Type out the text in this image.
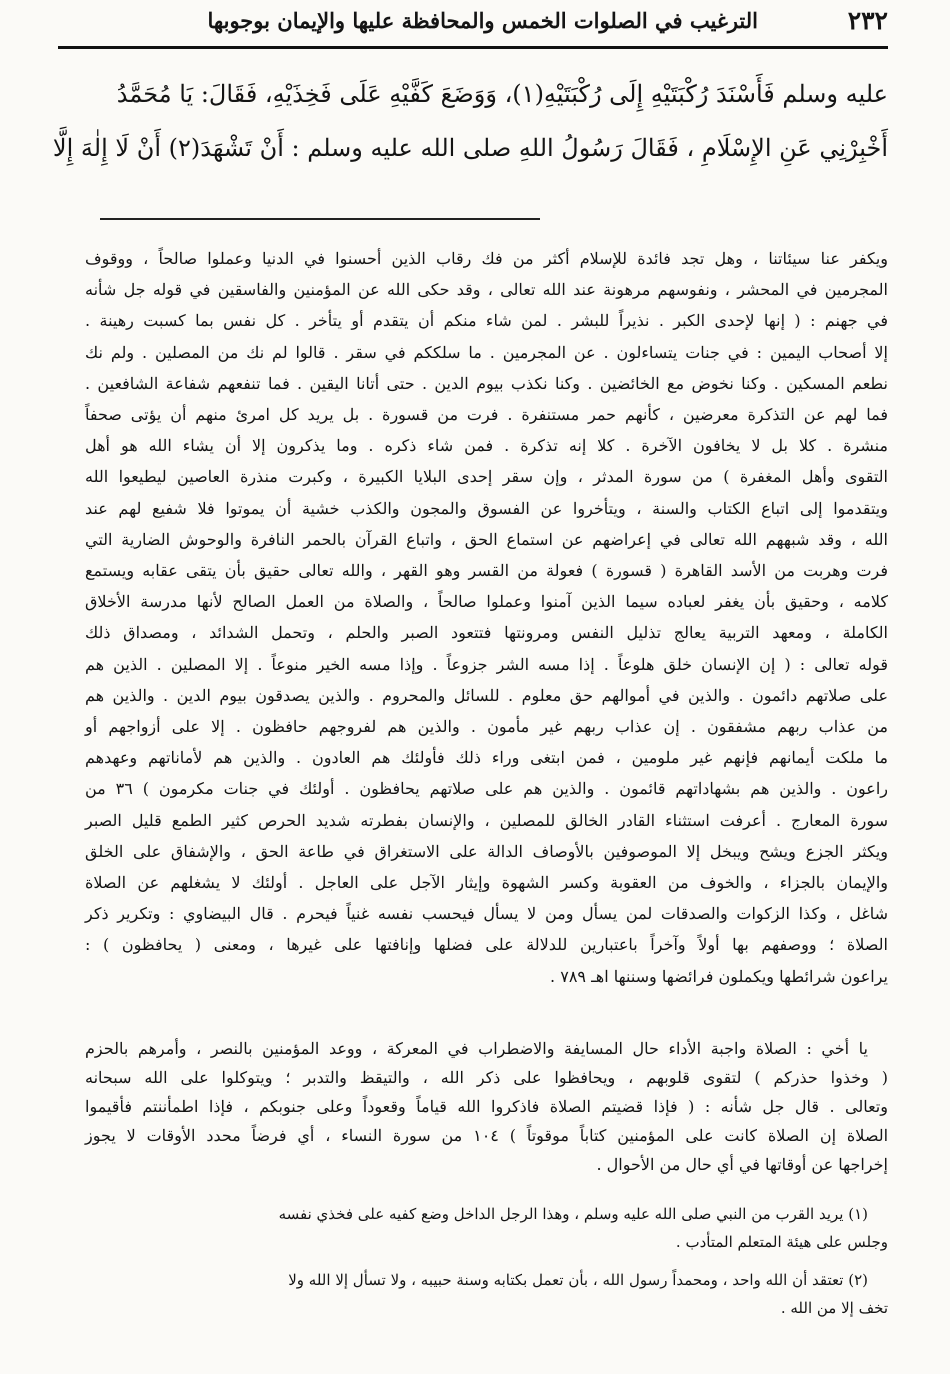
٢٣٢
الترغيب في الصلوات الخمس والمحافظة عليها والإيمان بوجوبها

عليه وسلم فَأَسْنَدَ رُكْبَتَيْهِ إِلَى رُكْبَتَيْهِ(١)، وَوَضَعَ كَفَّيْهِ عَلَى فَخِذَيْهِ، فَقَالَ: يَا مُحَمَّدُ

أَخْبِرْنِي عَنِ الإِسْلَامِ ، فَقَالَ رَسُولُ اللهِ صلى الله عليه وسلم : أَنْ تَشْهَدَ(٢) أَنْ لَا إِلٰهَ إِلَّا

ويكفر عنا سيئاتنا ، وهل تجد فائدة للإسلام أكثر من فك رقاب الذين أحسنوا في الدنيا وعملوا صالحاً ، ووقوف

المجرمين في المحشر ، ونفوسهم مرهونة عند الله تعالى ، وقد حكى الله عن المؤمنين والفاسقين في قوله جل شأنه

في جهنم : ( إنها لإحدى الكبر . نذيراً للبشر . لمن شاء منكم أن يتقدم أو يتأخر . كل نفس بما كسبت رهينة .

إلا أصحاب اليمين : في جنات يتساءلون . عن المجرمين . ما سلككم في سقر . قالوا لم نك من المصلين . ولم نك

نطعم المسكين . وكنا نخوض مع الخائضين . وكنا نكذب بيوم الدين . حتى أتانا اليقين . فما تنفعهم شفاعة الشافعين .

فما لهم عن التذكرة معرضين ، كأنهم حمر مستنفرة . فرت من قسورة . بل يريد كل امرئ منهم أن يؤتى صحفاً

منشرة . كلا بل لا يخافون الآخرة . كلا إنه تذكرة . فمن شاء ذكره . وما يذكرون إلا أن يشاء الله هو أهل

التقوى وأهل المغفرة ) من سورة المدثر ، وإن سقر إحدى البلايا الكبيرة ، وكبرت منذرة العاصين ليطيعوا الله

ويتقدموا إلى اتباع الكتاب والسنة ، ويتأخروا عن الفسوق والمجون والكذب خشية أن يموتوا فلا شفيع لهم عند

الله ، وقد شبههم الله تعالى في إعراضهم عن استماع الحق ، واتباع القرآن بالحمر النافرة والوحوش الضارية التي

فرت وهربت من الأسد القاهرة ( قسورة ) فعولة من القسر وهو القهر ، والله تعالى حقيق بأن يتقى عقابه ويستمع

كلامه ، وحقيق بأن يغفر لعباده سيما الذين آمنوا وعملوا صالحاً ، والصلاة من العمل الصالح لأنها مدرسة الأخلاق

الكاملة ، ومعهد التربية يعالج تذليل النفس ومرونتها فتتعود الصبر والحلم ، وتحمل الشدائد ، ومصداق ذلك

قوله تعالى : ( إن الإنسان خلق هلوعاً . إذا مسه الشر جزوعاً . وإذا مسه الخير منوعاً . إلا المصلين . الذين هم

على صلاتهم دائمون . والذين في أموالهم حق معلوم . للسائل والمحروم . والذين يصدقون بيوم الدين . والذين هم

من عذاب ربهم مشفقون . إن عذاب ربهم غير مأمون . والذين هم لفروجهم حافظون . إلا على أزواجهم أو

ما ملكت أيمانهم فإنهم غير ملومين ، فمن ابتغى وراء ذلك فأولئك هم العادون . والذين هم لأماناتهم وعهدهم

راعون . والذين هم بشهاداتهم قائمون . والذين هم على صلاتهم يحافظون . أولئك في جنات مكرمون ) ٣٦ من

سورة المعارج . أعرفت استثناء القادر الخالق للمصلين ، والإنسان بفطرته شديد الحرص كثير الطمع قليل الصبر

ويكثر الجزع ويشح ويبخل إلا الموصوفين بالأوصاف الدالة على الاستغراق في طاعة الحق ، والإشفاق على الخلق

والإيمان بالجزاء ، والخوف من العقوبة وكسر الشهوة وإيثار الآجل على العاجل . أولئك لا يشغلهم عن الصلاة

شاغل ، وكذا الزكوات والصدقات لمن يسأل ومن لا يسأل فيحسب نفسه غنياً فيحرم . قال البيضاوي : وتكرير ذكر

الصلاة ؛ ووصفهم بها أولاً وآخراً باعتبارين للدلالة على فضلها وإنافتها على غيرها ، ومعنى ( يحافظون ) :

يراعون شرائطها ويكملون فرائضها وسننها اهـ ٧٨٩ .

يا أخي : الصلاة واجبة الأداء حال المسايفة والاضطراب في المعركة ، ووعد المؤمنين بالنصر ، وأمرهم بالحزم

( وخذوا حذركم ) لتقوى قلوبهم ، ويحافظوا على ذكر الله ، والتيقظ والتدبر ؛ ويتوكلوا على الله سبحانه

وتعالى . قال جل شأنه : ( فإذا قضيتم الصلاة فاذكروا الله قياماً وقعوداً وعلى جنوبكم ، فإذا اطمأننتم فأقيموا

الصلاة إن الصلاة كانت على المؤمنين كتاباً موقوتاً ) ١٠٤ من سورة النساء ، أي فرضاً محدد الأوقات لا يجوز

إخراجها عن أوقاتها في أي حال من الأحوال .

(١) يريد القرب من النبي صلى الله عليه وسلم ، وهذا الرجل الداخل وضع كفيه على فخذي نفسه

وجلس على هيئة المتعلم المتأدب .

(٢) تعتقد أن الله واحد ، ومحمداً رسول الله ، بأن تعمل بكتابه وسنة حبيبه ، ولا تسأل إلا الله ولا

تخف إلا من الله .
